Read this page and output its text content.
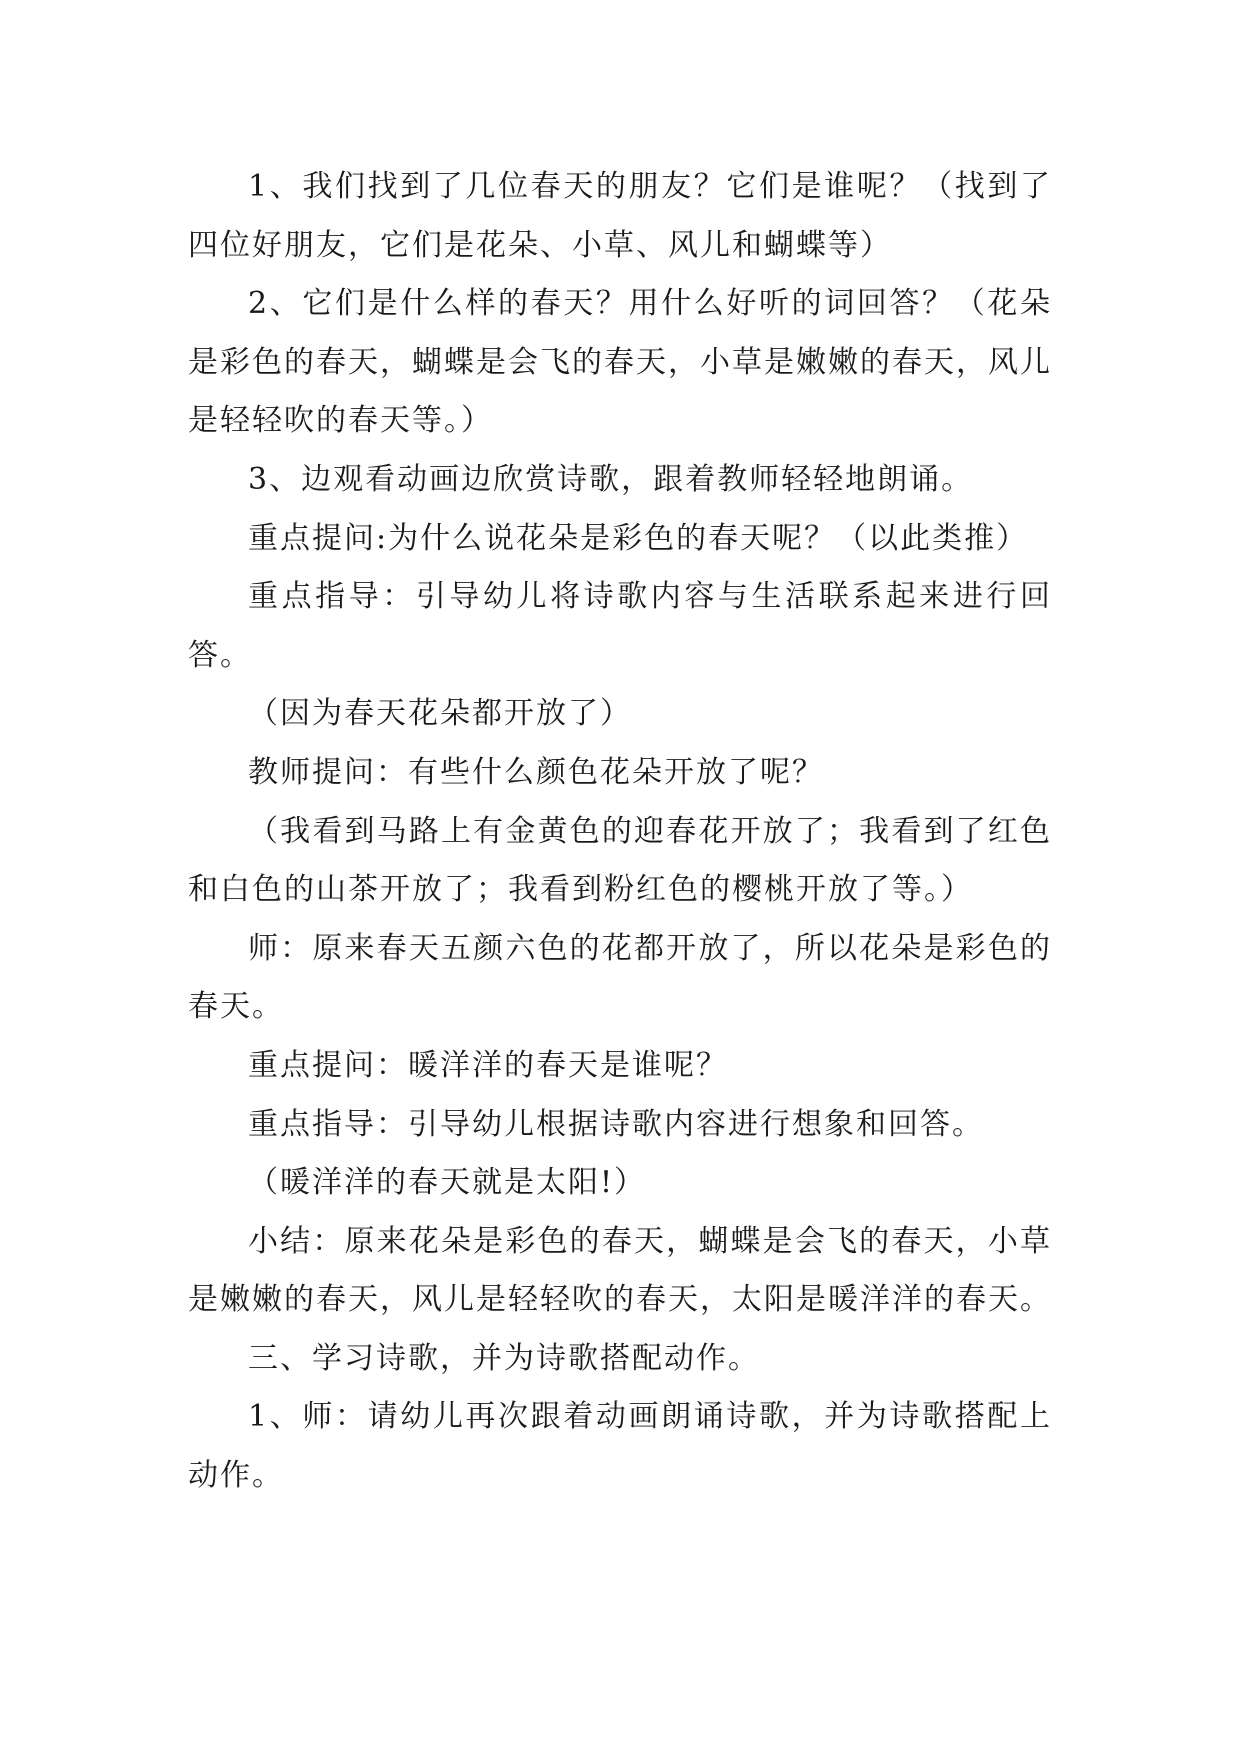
1、我们找到了几位春天的朋友？它们是谁呢？（找到了四位好朋友，它们是花朵、小草、风儿和蝴蝶等）

2、它们是什么样的春天？用什么好听的词回答？（花朵是彩色的春天，蝴蝶是会飞的春天，小草是嫩嫩的春天，风儿是轻轻吹的春天等。）

3、边观看动画边欣赏诗歌，跟着教师轻轻地朗诵。

重点提问:为什么说花朵是彩色的春天呢？（以此类推）

重点指导：引导幼儿将诗歌内容与生活联系起来进行回答。

（因为春天花朵都开放了）

教师提问：有些什么颜色花朵开放了呢？

（我看到马路上有金黄色的迎春花开放了；我看到了红色和白色的山茶开放了；我看到粉红色的樱桃开放了等。）

师：原来春天五颜六色的花都开放了，所以花朵是彩色的春天。

重点提问：暖洋洋的春天是谁呢？

重点指导：引导幼儿根据诗歌内容进行想象和回答。

（暖洋洋的春天就是太阳!）

小结：原来花朵是彩色的春天，蝴蝶是会飞的春天，小草是嫩嫩的春天，风儿是轻轻吹的春天，太阳是暖洋洋的春天。

三、学习诗歌，并为诗歌搭配动作。

1、师：请幼儿再次跟着动画朗诵诗歌，并为诗歌搭配上动作。
